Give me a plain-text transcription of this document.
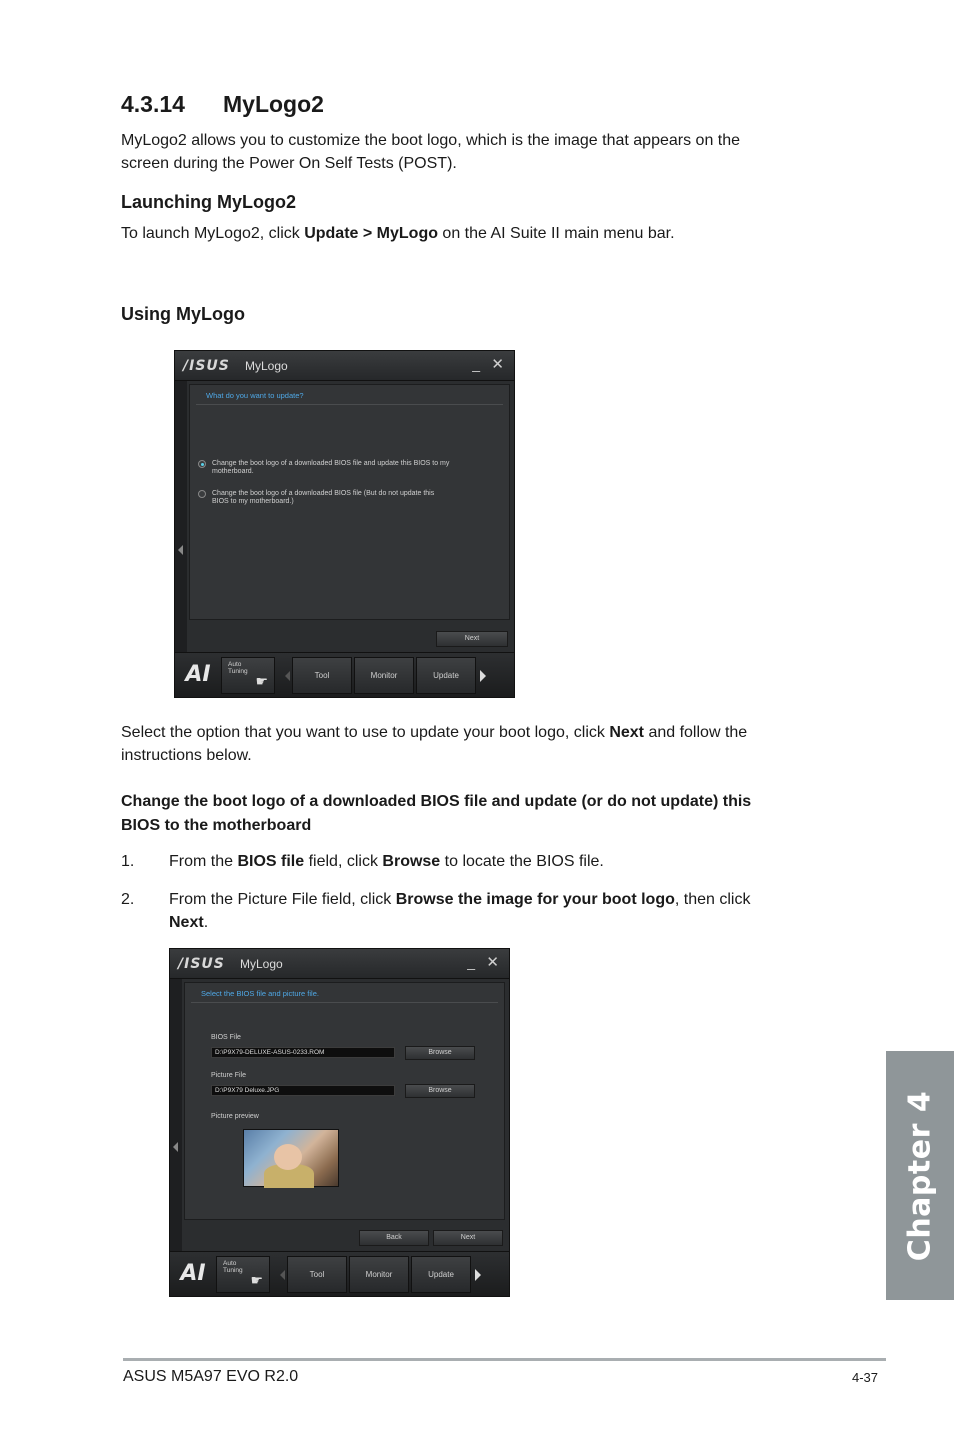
4.3.14 MyLogo2
MyLogo2 allows you to customize the boot logo, which is the image that appears on the
screen during the Power On Self Tests (POST).
Launching MyLogo2
To launch MyLogo2, click Update > MyLogo on the AI Suite II main menu bar.
Using MyLogo
/ISUS MyLogo	_ ✕
What do you want to update?
Change the boot logo of a downloaded BIOS file and update this BIOS to my motherboard.
Change the boot logo of a downloaded BIOS file (But do not update this BIOS to my motherboard.)
Next
AI	Auto
Tuning
☛	Tool	Monitor	Update
Select the option that you want to use to update your boot logo, click Next and follow the
instructions below.
Change the boot logo of a downloaded BIOS file and update (or do not update) this
BIOS to the motherboard
1. From the BIOS file field, click Browse to locate the BIOS file.
2. From the Picture File field, click Browse the image for your boot logo, then click
Next.
/ISUS MyLogo	_ ✕
Select the BIOS file and picture file.
BIOS File
D:\P9X79-DELUXE-ASUS-0233.ROM	Browse
Picture File
D:\P9X79 Deluxe.JPG	Browse
Picture preview
Back	Next
AI	Auto
Tuning
☛	Tool	Monitor	Update
Chapter 4
ASUS M5A97 EVO R2.0	4-37
